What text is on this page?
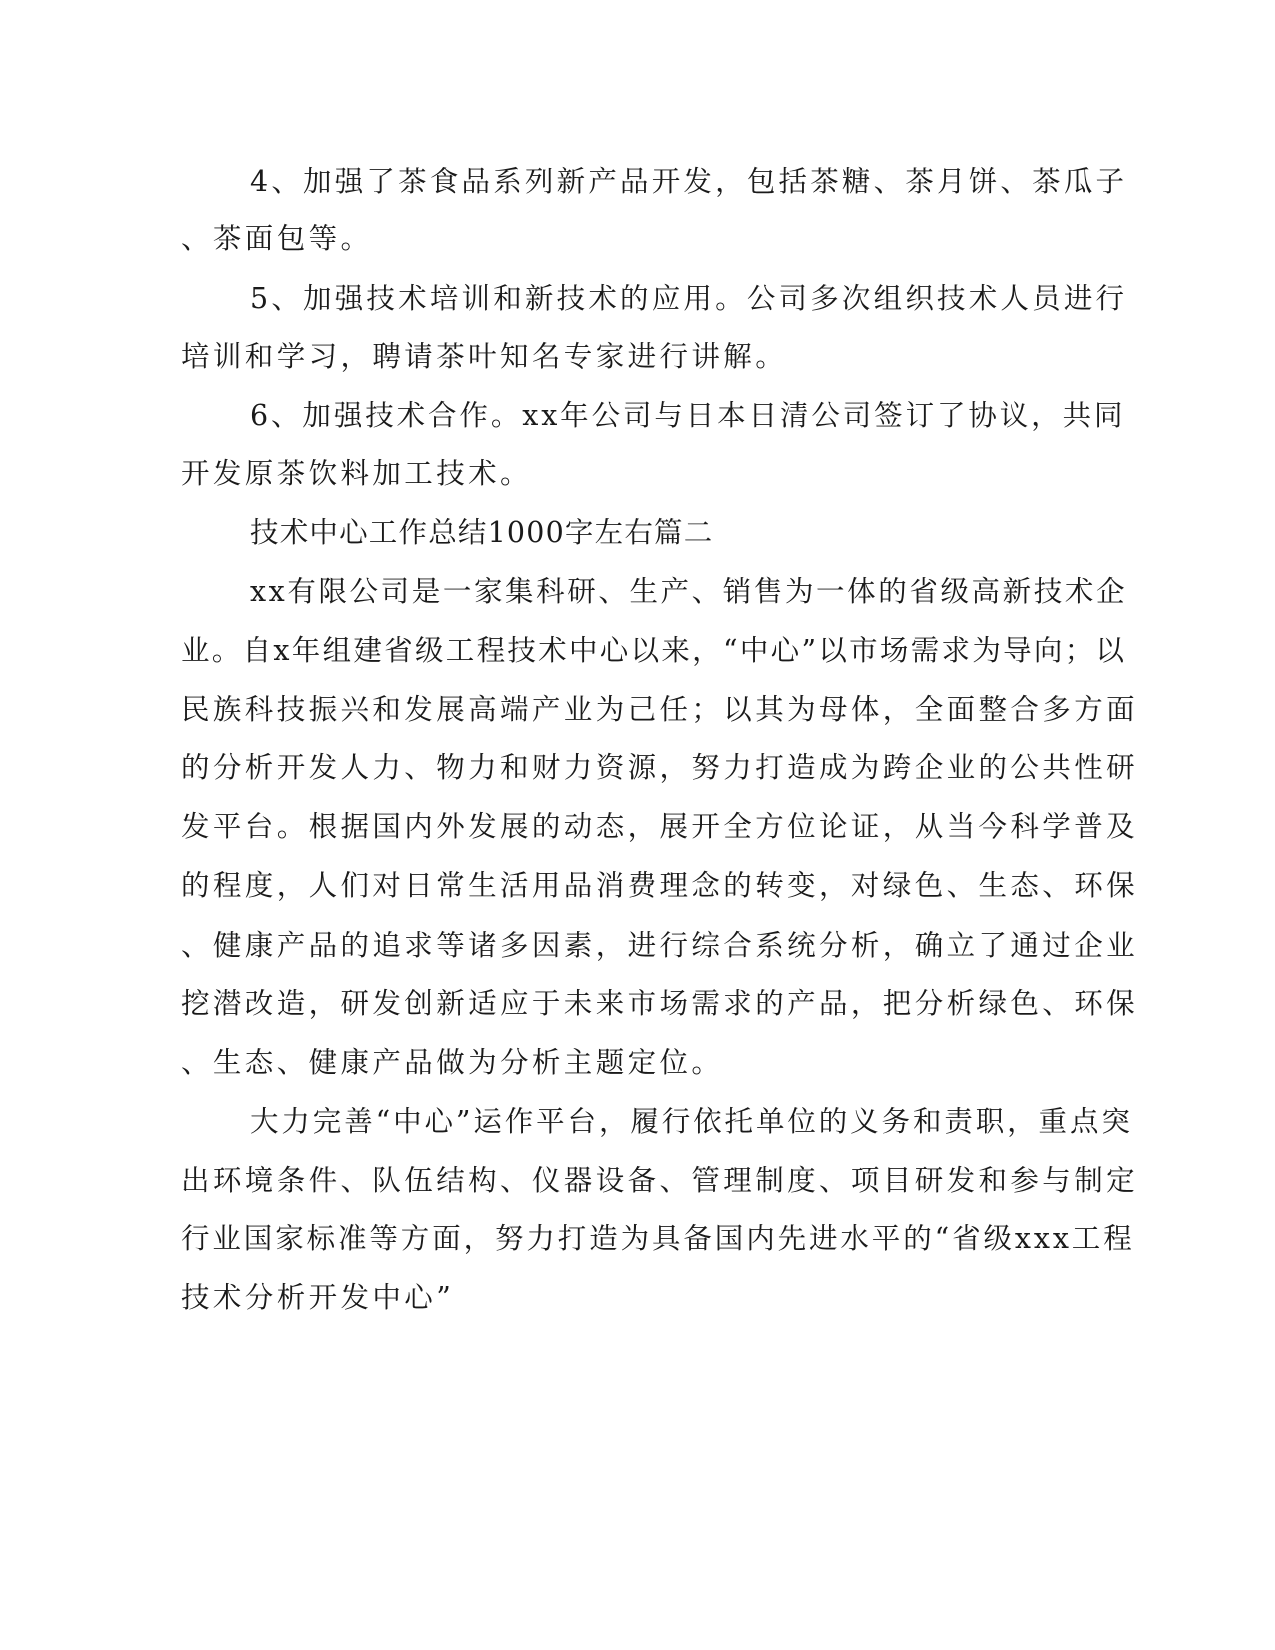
4、加强了茶食品系列新产品开发，包括茶糖、茶月饼、茶瓜子
、茶面包等。
5、加强技术培训和新技术的应用。公司多次组织技术人员进行
培训和学习，聘请茶叶知名专家进行讲解。
6、加强技术合作。xx年公司与日本日清公司签订了协议，共同
开发原茶饮料加工技术。
技术中心工作总结1000字左右篇二
xx有限公司是一家集科研、生产、销售为一体的省级高新技术企
业。自x年组建省级工程技术中心以来，“中心”以市场需求为导向；以
民族科技振兴和发展高端产业为己任；以其为母体，全面整合多方面
的分析开发人力、物力和财力资源，努力打造成为跨企业的公共性研
发平台。根据国内外发展的动态，展开全方位论证，从当今科学普及
的程度，人们对日常生活用品消费理念的转变，对绿色、生态、环保
、健康产品的追求等诸多因素，进行综合系统分析，确立了通过企业
挖潜改造，研发创新适应于未来市场需求的产品，把分析绿色、环保
、生态、健康产品做为分析主题定位。
大力完善“中心”运作平台，履行依托单位的义务和责职，重点突
出环境条件、队伍结构、仪器设备、管理制度、项目研发和参与制定
行业国家标准等方面，努力打造为具备国内先进水平的“省级xxx工程
技术分析开发中心”
